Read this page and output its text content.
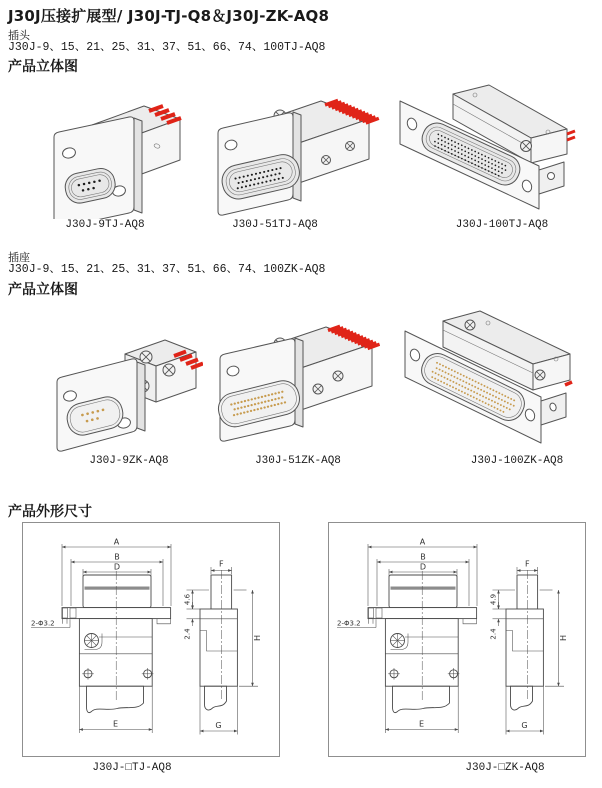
J30J压接扩展型/ J30J-TJ-Q8＆J30J-ZK-AQ8
插头
J30J-9、15、21、25、31、37、51、66、74、100TJ-AQ8
产品立体图
J30J-9TJ-AQ8	J30J-51TJ-AQ8	J30J-100TJ-AQ8
插座
J30J-9、15、21、25、31、37、51、66、74、100ZK-AQ8
产品立体图
J30J-9ZK-AQ8	J30J-51ZK-AQ8	J30J-100ZK-AQ8
产品外形尺寸
A
B
D
2-Φ3.2
E
F
4.6
2.4	H
G
A
B
D
2-Φ3.2
E
F
4.9
2.4	H
G
J30J-□TJ-AQ8	J30J-□ZK-AQ8
